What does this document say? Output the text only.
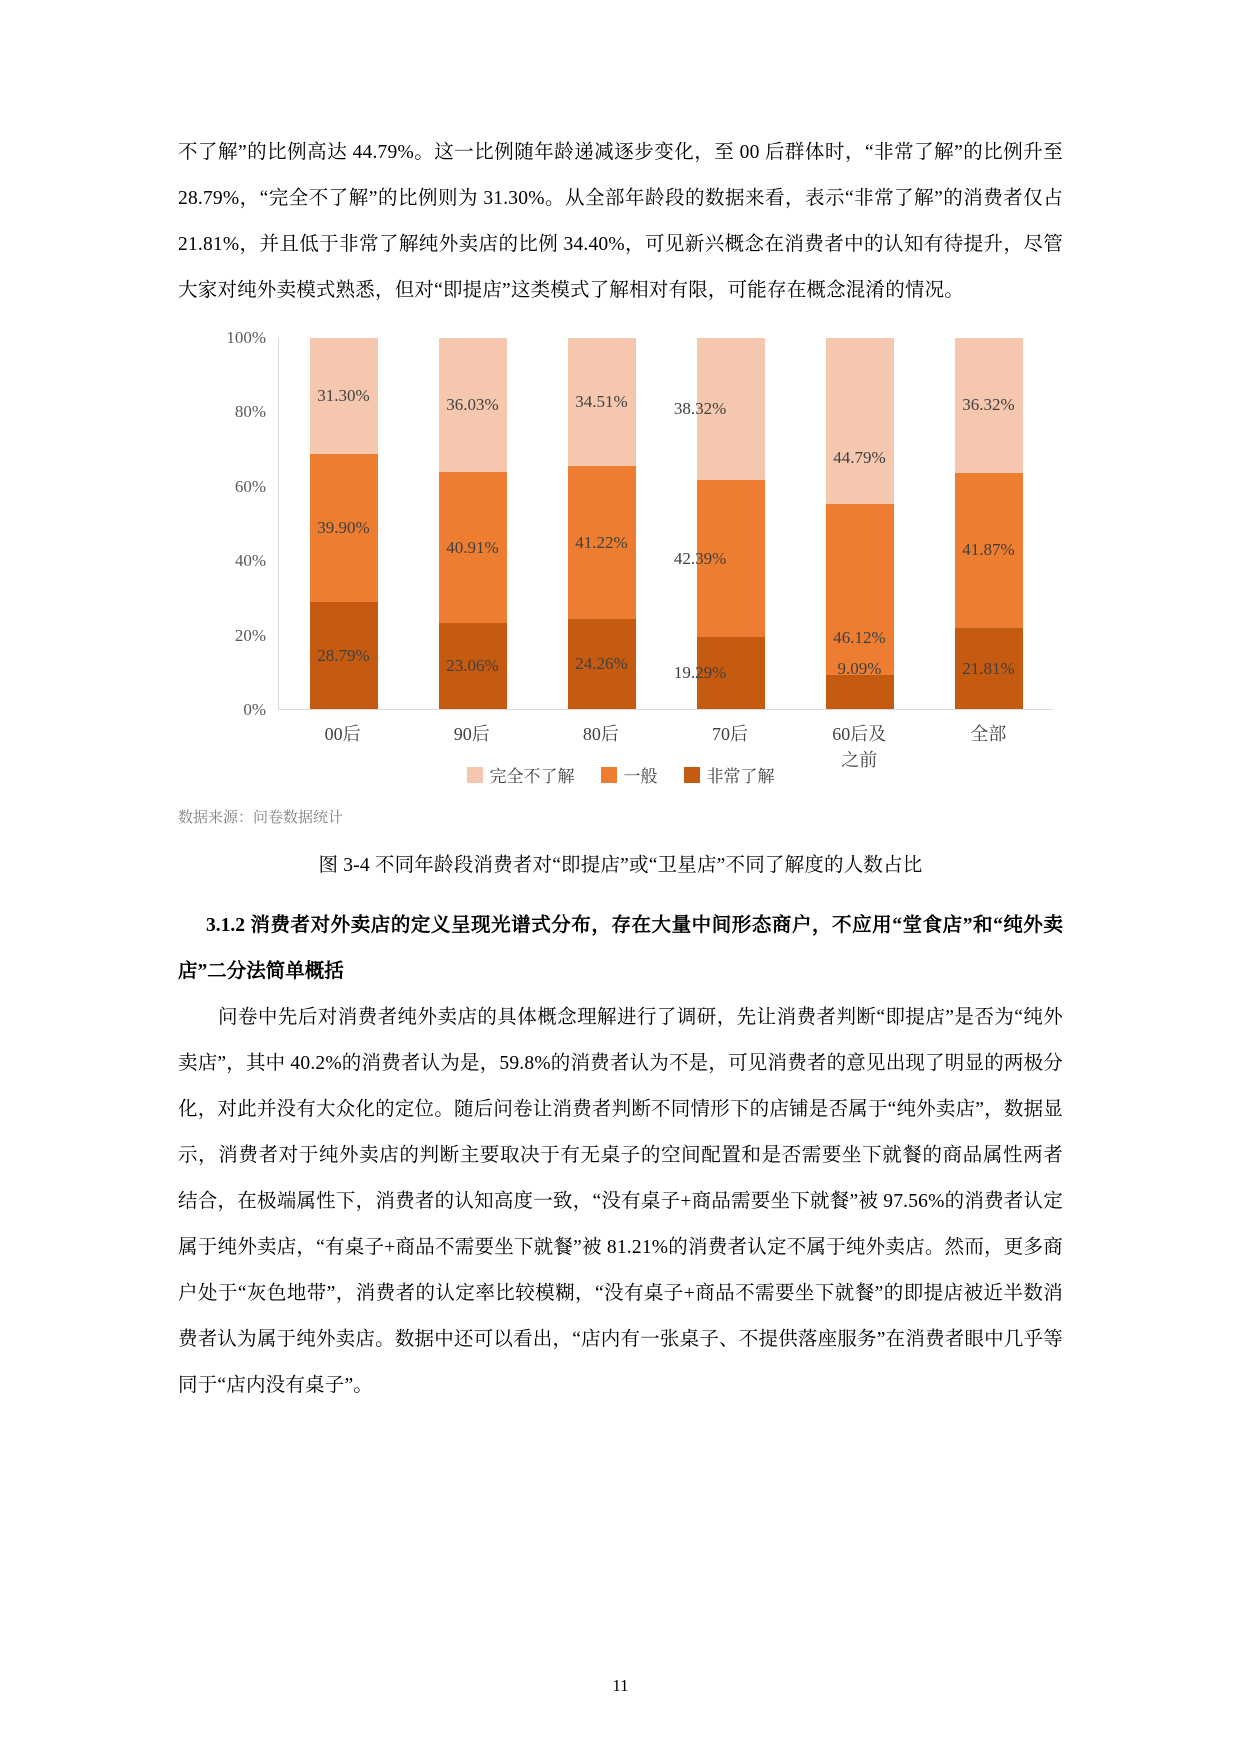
不了解”的比例高达 44.79%。这一比例随年龄递减逐步变化，至 00 后群体时，“非常了解”的比例升至 28.79%，“完全不了解”的比例则为 31.30%。从全部年龄段的数据来看，表示“非常了解”的消费者仅占 21.81%，并且低于非常了解纯外卖店的比例 34.40%，可见新兴概念在消费者中的认知有待提升，尽管大家对纯外卖模式熟悉，但对“即提店”这类模式了解相对有限，可能存在概念混淆的情况。

100%
80%
60%
40%
20%
0%
31.30%
39.90%
28.79%
36.03%
40.91%
23.06%
34.51%
41.22%
24.26%
38.32%
42.39%
19.29%
44.79%
46.12%
9.09%
36.32%
41.87%
21.81%
00后	90后	80后	70后	60后及之前
全部
完全不了解	一般	非常了解
数据来源：问卷数据统计
图 3-4 不同年龄段消费者对“即提店”或“卫星店”不同了解度的人数占比
3.1.2 消费者对外卖店的定义呈现光谱式分布，存在大量中间形态商户，不应用“堂食店”和“纯外卖店”二分法简单概括

问卷中先后对消费者纯外卖店的具体概念理解进行了调研，先让消费者判断“即提店”是否为“纯外卖店”，其中 40.2%的消费者认为是，59.8%的消费者认为不是，可见消费者的意见出现了明显的两极分化，对此并没有大众化的定位。随后问卷让消费者判断不同情形下的店铺是否属于“纯外卖店”，数据显示，消费者对于纯外卖店的判断主要取决于有无桌子的空间配置和是否需要坐下就餐的商品属性两者结合，在极端属性下，消费者的认知高度一致，“没有桌子+商品需要坐下就餐”被 97.56%的消费者认定属于纯外卖店，“有桌子+商品不需要坐下就餐”被 81.21%的消费者认定不属于纯外卖店。然而，更多商户处于“灰色地带”，消费者的认定率比较模糊，“没有桌子+商品不需要坐下就餐”的即提店被近半数消费者认为属于纯外卖店。数据中还可以看出，“店内有一张桌子、不提供落座服务”在消费者眼中几乎等同于“店内没有桌子”。

11
